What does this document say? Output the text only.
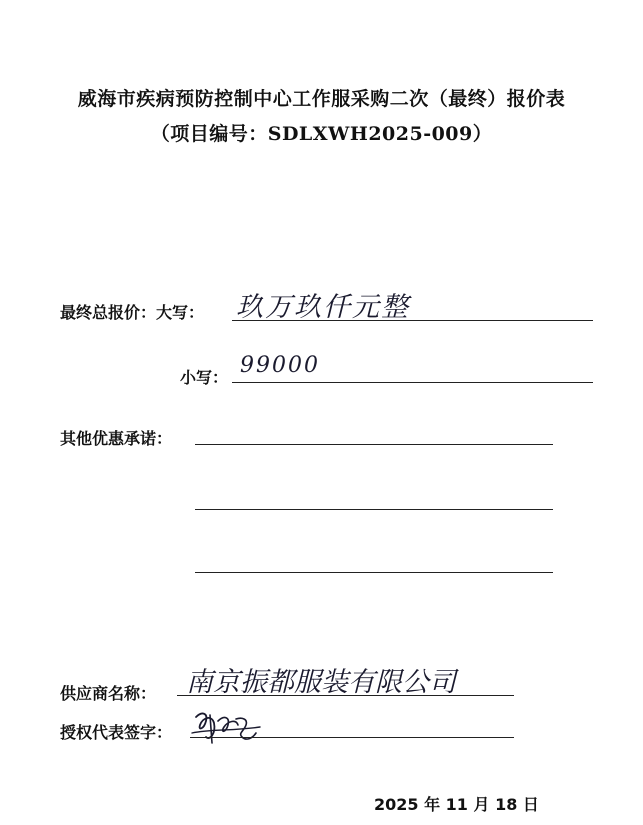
威海市疾病预防控制中心工作服采购二次（最终）报价表
（项目编号：SDLXWH2025-009）
最终总报价：大写： 玖万玖仟元整
小写： 99000
其他优惠承诺：
供应商名称： 南京振都服装有限公司
授权代表签字：
2025 年 11 月 18 日
